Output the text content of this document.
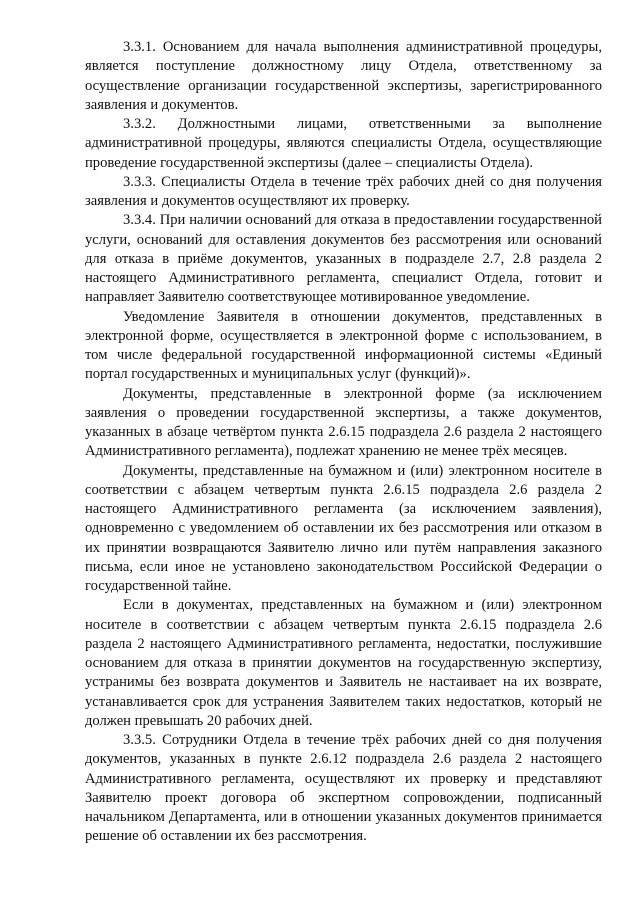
3.3.1. Основанием для начала выполнения административной процедуры, является поступление должностному лицу Отдела, ответственному за осуществление организации государственной экспертизы, зарегистрированного заявления и документов.

3.3.2. Должностными лицами, ответственными за выполнение административной процедуры, являются специалисты Отдела, осуществляющие проведение государственной экспертизы (далее – специалисты Отдела).

3.3.3. Специалисты Отдела в течение трёх рабочих дней со дня получения заявления и документов осуществляют их проверку.

3.3.4. При наличии оснований для отказа в предоставлении государственной услуги, оснований для оставления документов без рассмотрения или оснований для отказа в приёме документов, указанных в подразделе 2.7, 2.8 раздела 2 настоящего Административного регламента, специалист Отдела, готовит и направляет Заявителю соответствующее мотивированное уведомление.

Уведомление Заявителя в отношении документов, представленных в электронной форме, осуществляется в электронной форме с использованием, в том числе федеральной государственной информационной системы «Единый портал государственных и муниципальных услуг (функций)».

Документы, представленные в электронной форме (за исключением заявления о проведении государственной экспертизы, а также документов, указанных в абзаце четвёртом пункта 2.6.15 подраздела 2.6 раздела 2 настоящего Административного регламента), подлежат хранению не менее трёх месяцев.

Документы, представленные на бумажном и (или) электронном носителе в соответствии с абзацем четвертым пункта 2.6.15 подраздела 2.6 раздела 2 настоящего Административного регламента (за исключением заявления), одновременно с уведомлением об оставлении их без рассмотрения или отказом в их принятии возвращаются Заявителю лично или путём направления заказного письма, если иное не установлено законодательством Российской Федерации о государственной тайне.

Если в документах, представленных на бумажном и (или) электронном носителе в соответствии с абзацем четвертым пункта 2.6.15 подраздела 2.6 раздела 2 настоящего Административного регламента, недостатки, послужившие основанием для отказа в принятии документов на государственную экспертизу, устранимы без возврата документов и Заявитель не настаивает на их возврате, устанавливается срок для устранения Заявителем таких недостатков, который не должен превышать 20 рабочих дней.

3.3.5. Сотрудники Отдела в течение трёх рабочих дней со дня получения документов, указанных в пункте 2.6.12 подраздела 2.6 раздела 2 настоящего Административного регламента, осуществляют их проверку и представляют Заявителю проект договора об экспертном сопровождении, подписанный начальником Департамента, или в отношении указанных документов принимается решение об оставлении их без рассмотрения.
